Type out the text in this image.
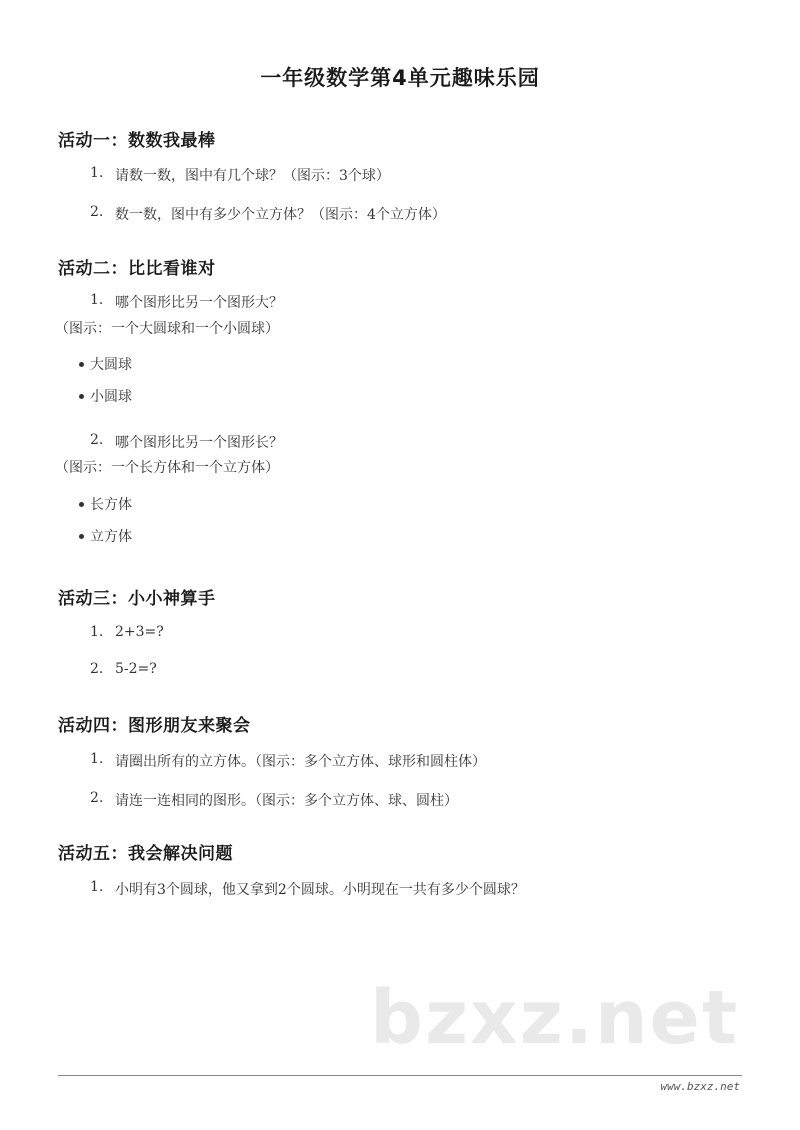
一年级数学第4单元趣味乐园
活动一：数数我最棒
1. 请数一数，图中有几个球？（图示：3个球）
2. 数一数，图中有多少个立方体？（图示：4个立方体）
活动二：比比看谁对
1. 哪个图形比另一个图形大？
（图示：一个大圆球和一个小圆球）
大圆球
小圆球
2. 哪个图形比另一个图形长？
（图示：一个长方体和一个立方体）
长方体
立方体
活动三：小小神算手
1. 2+3=?
2. 5-2=?
活动四：图形朋友来聚会
1. 请圈出所有的立方体。（图示：多个立方体、球形和圆柱体）
2. 请连一连相同的图形。（图示：多个立方体、球、圆柱）
活动五：我会解决问题
1. 小明有3个圆球，他又拿到2个圆球。小明现在一共有多少个圆球？
bzxz.net
www.bzxz.net
